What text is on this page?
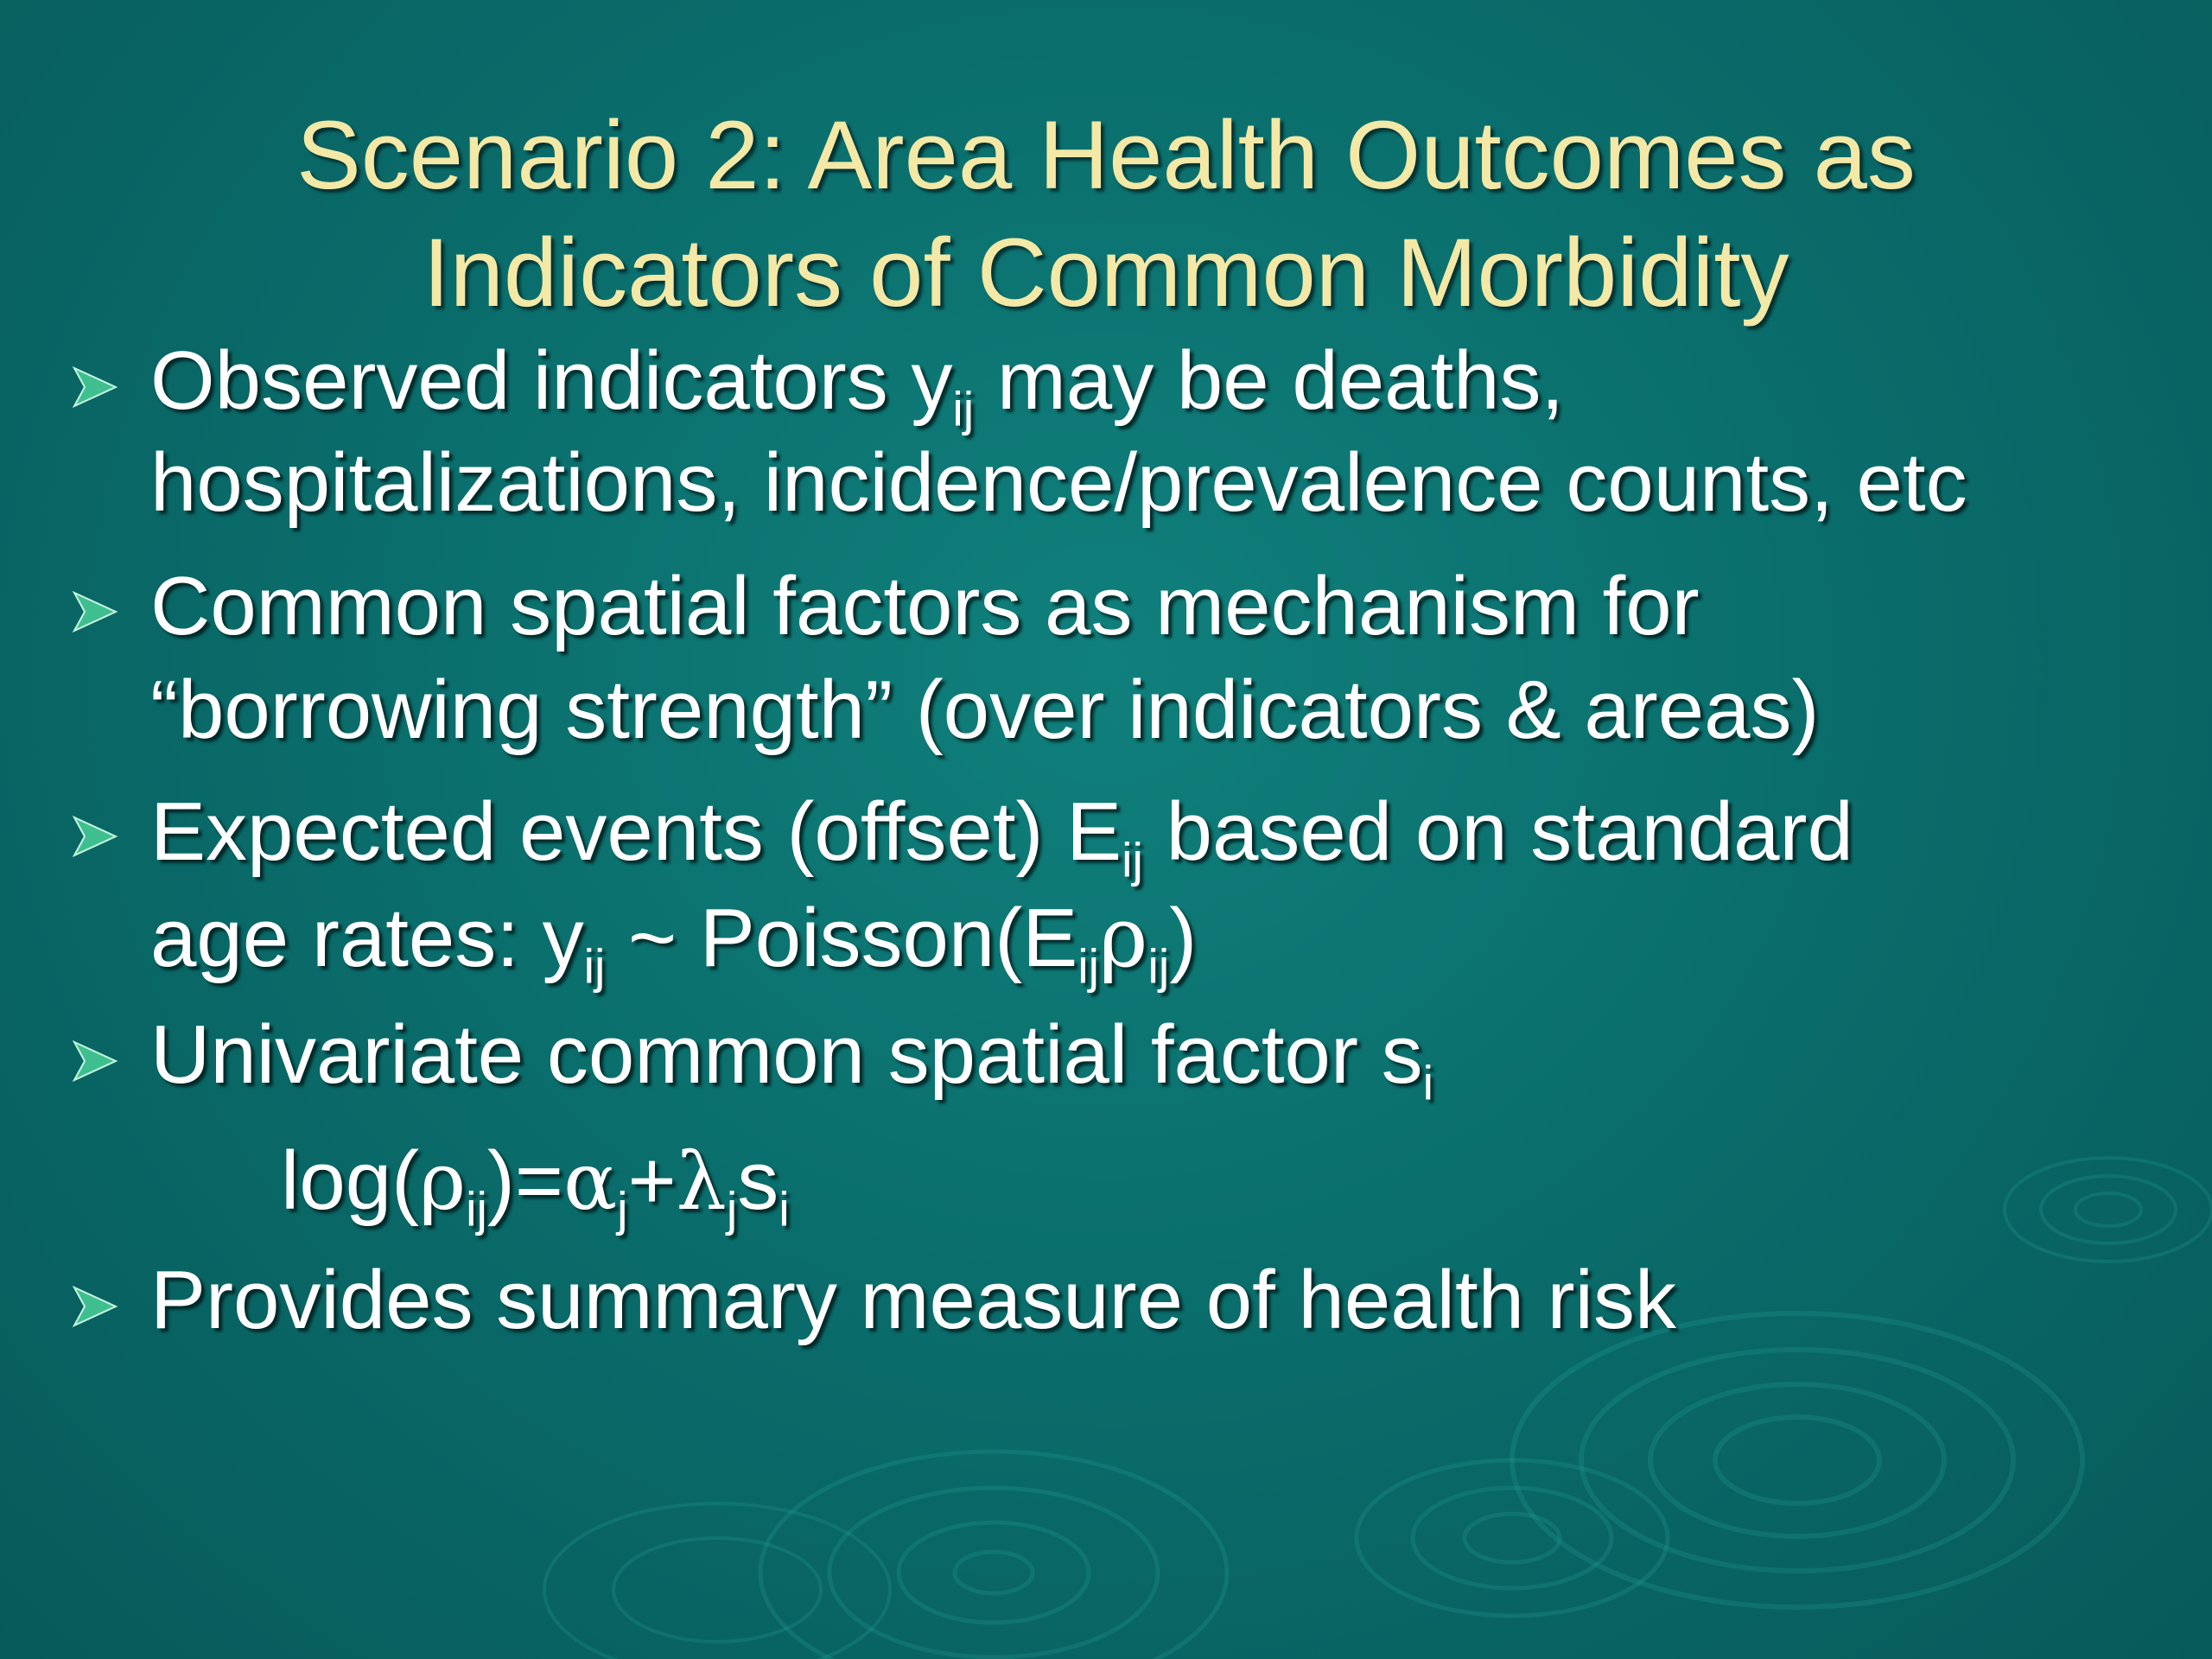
Scenario 2: Area Health Outcomes as
Indicators of Common Morbidity
Observed indicators $y_{ij}$ may be deaths,
hospitalizations, incidence/prevalence counts, etc
Common spatial factors as mechanism for
“borrowing strength” (over indicators & areas)
Expected events (offset) $E_{ij}$ based on standard
age rates: $y_{ij}$ ~ $Poisson(E_{ij}\rho_{ij})$
Univariate common spatial factor $s_i$
Provides summary measure of health risk
$\log(\rho_{ij})=\alpha_j+\lambda_js_i$
